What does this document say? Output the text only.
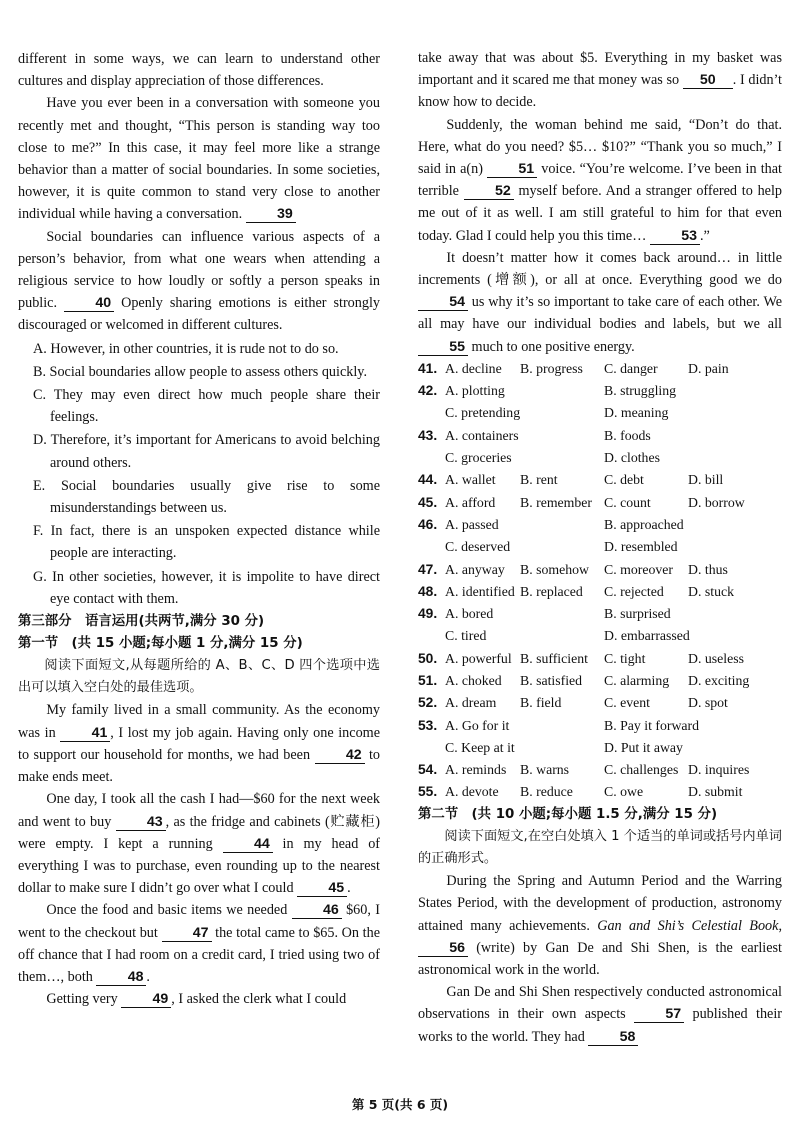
different in some ways, we can learn to understand other cultures and display appreciation of those differences.

Have you ever been in a conversation with someone you recently met and thought, “This person is standing way too close to me?” In this case, it may feel more like a strange behavior than a matter of social boundaries. In some societies, however, it is quite common to stand very close to another individual while having a conversation. 39

Social boundaries can influence various aspects of a person’s behavior, from what one wears when attending a religious service to how loudly or softly a person speaks in public.	40 Openly sharing emotions is either strongly discouraged or welcomed in different cultures.

A. However, in other countries, it is rude not to do so.

B. Social boundaries allow people to assess others quickly.

C. They may even direct how much people share their feelings.

D. Therefore, it’s important for Americans to avoid belching around others.

E. Social boundaries usually give rise to some misunderstandings between us.

F. In fact, there is an unspoken expected distance while people are interacting.

G. In other societies, however, it is impolite to have direct eye contact with them.

第三部分　语言运用(共两节,满分 30 分)

第一节　(共 15 小题;每小题 1 分,满分 15 分)

阅读下面短文,从每题所给的 A、B、C、D 四个选项中选出可以填入空白处的最佳选项。

My family lived in a small community. As the economy was in	41 , I lost my job again. Having only one income to support our household for months, we had been	42 to make ends meet.

One day, I took all the cash I had—$60 for the next week and went to buy	43 , as the fridge and cabinets (贮藏柜) were empty. I kept a running	44 in my head of everything I was to purchase, even rounding up to the nearest dollar to make sure I didn’t go over what I could 45 .

Once the food and basic items we needed	46 $60, I went to the checkout but 47 the total came to $65. On the off chance that I had room on a credit card, I tried using two of them…, both 48 .

Getting very 49 , I asked the clerk what I could

take away that was about $5. Everything in my basket was important and it scared me that money was so 50 . I didn’t know how to decide.

Suddenly, the woman behind me said, “Don’t do that. Here, what do you need? $5… $10?” “Thank you so much,” I said in a(n) 51 voice. “You’re welcome. I’ve been in that terrible	52 myself before. And a stranger offered to help me out of it as well. I am still grateful to him for that even today. Glad I could help you this time… 53 .”

It doesn’t matter how it comes back around… in little increments (增额), or all at once. Everything good we do 54 us why it’s so important to take care of each other. We all may have our individual bodies and labels, but we all 55 much to one positive energy.

41.	A. decline	B. progress	C. danger	D. pain
42.	A. plotting		B. struggling	
	C. pretending		D. meaning	
43.	A. containers		B. foods	
	C. groceries		D. clothes	
44.	A. wallet	B. rent	C. debt	D. bill
45.	A. afford	B. remember	C. count	D. borrow
46.	A. passed		B. approached	
	C. deserved		D. resembled	
47.	A. anyway	B. somehow	C. moreover	D. thus
48.	A. identified	B. replaced	C. rejected	D. stuck
49.	A. bored		B. surprised	
	C. tired		D. embarrassed	
50.	A. powerful	B. sufficient	C. tight	D. useless
51.	A. choked	B. satisfied	C. alarming	D. exciting
52.	A. dream	B. field	C. event	D. spot
53.	A. Go for it		B. Pay it forward	
	C. Keep at it		D. Put it away	
54.	A. reminds	B. warns	C. challenges	D. inquires
55.	A. devote	B. reduce	C. owe	D. submit

第二节　(共 10 小题;每小题 1.5 分,满分 15 分)

阅读下面短文,在空白处填入 1 个适当的单词或括号内单词的正确形式。

During the Spring and Autumn Period and the Warring States Period, with the development of production, astronomy attained many achievements. Gan and Shi’s Celestial Book, 56 (write) by Gan De and Shi Shen, is the earliest astronomical work in the world.

Gan De and Shi Shen respectively conducted astronomical observations in their own aspects	57 published their works to the world. They had 58

第 5 页(共 6 页)
